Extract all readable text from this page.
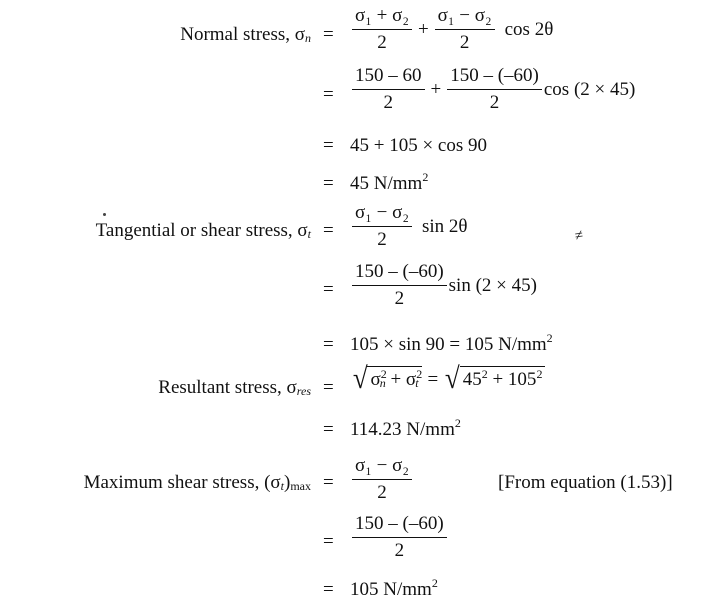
Normal stress, $\sigma_n = \frac{\text{σ₁ + σ₂}}{2} + \frac{\text{σ₁ − σ₂}}{2}$ cos 2θ
= $\frac{150 - 60}{2} + \frac{150 - (-60)}{2}$ cos (2 × 45)
= 45 + 105 × cos 90
= 45 $N/mm^2$
Tangential or shear stress, $\sigma_t = \frac{\text{σ₁ − σ₂}}{2}$ sin 2θ	≠
= $\frac{150 - (-60)}{2}$ sin (2 × 45)
= 105 × sin 90 = 105 $N/mm^2$
Resultant stress, $\sigma_{res}$ = √ $\sigma^2_n + \sigma^2_t$ = √ $45^2 + 105^2$
= 114.23 $N/mm^2$
Maximum shear stress, $(\sigma_t)_{max} = \frac{\text{σ₁ − σ₂}}{2}$	[From equation (1.53)]
= $\frac{150 - (-60)}{2}$
= 105 $N/mm^2$
